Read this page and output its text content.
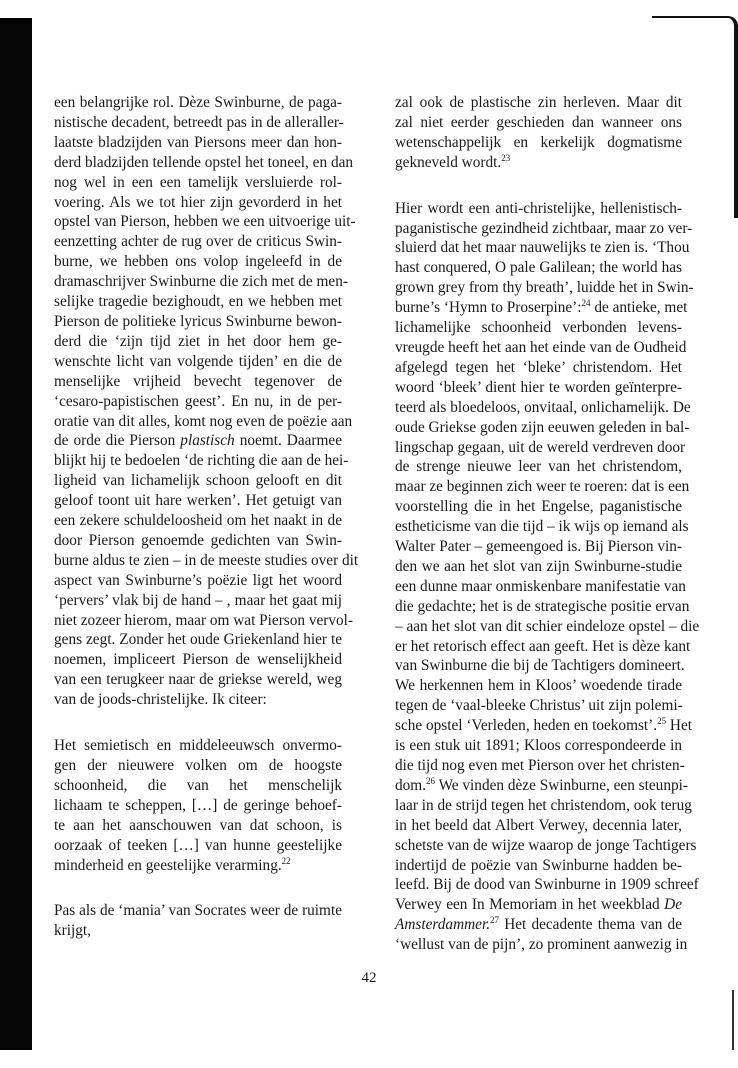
een belangrijke rol. Dèze Swinburne, de paga-
nistische decadent, betreedt pas in de alleraller-
laatste bladzijden van Piersons meer dan hon-
derd bladzijden tellende opstel het toneel, en dan
nog wel in een een tamelijk versluierde rol-
voering. Als we tot hier zijn gevorderd in het
opstel van Pierson, hebben we een uitvoerige uit-
eenzetting achter de rug over de criticus Swin-
burne, we hebben ons volop ingeleefd in de
dramaschrijver Swinburne die zich met de men-
selijke tragedie bezighoudt, en we hebben met
Pierson de politieke lyricus Swinburne bewon-
derd die ‘zijn tijd ziet in het door hem ge-
wenschte licht van volgende tijden’ en die de
menselijke vrijheid bevecht tegenover de
‘cesaro-papistischen geest’. En nu, in de per-
oratie van dit alles, komt nog even de poëzie aan
de orde die Pierson plastisch noemt. Daarmee
blijkt hij te bedoelen ‘de richting die aan de hei-
ligheid van lichamelijk schoon gelooft en dit
geloof toont uit hare werken’. Het getuigt van
een zekere schuldeloosheid om het naakt in de
door Pierson genoemde gedichten van Swin-
burne aldus te zien – in de meeste studies over dit
aspect van Swinburne’s poëzie ligt het woord
‘pervers’ vlak bij de hand – , maar het gaat mij
niet zozeer hierom, maar om wat Pierson vervol-
gens zegt. Zonder het oude Griekenland hier te
noemen, impliceert Pierson de wenselijkheid
van een terugkeer naar de griekse wereld, weg
van de joods-christelijke. Ik citeer:

Het semietisch en middeleeuwsch onvermo-
gen der nieuwere volken om de hoogste
schoonheid, die van het menschelijk
lichaam te scheppen, […] de geringe behoef-
te aan het aanschouwen van dat schoon, is
oorzaak of teeken […] van hunne geestelijke
minderheid en geestelijke verarming.$^{22}$

Pas als de ‘mania’ van Socrates weer de ruimte
krijgt,

zal ook de plastische zin herleven. Maar dit
zal niet eerder geschieden dan wanneer ons
wetenschappelijk en kerkelijk dogmatisme
gekneveld wordt.$^{23}$

Hier wordt een anti-christelijke, hellenistisch-
paganistische gezindheid zichtbaar, maar zo ver-
sluierd dat het maar nauwelijks te zien is. ‘Thou
hast conquered, O pale Galilean; the world has
grown grey from thy breath’, luidde het in Swin-
burne’s ‘Hymn to Proserpine’:$^{24}$ de antieke, met
lichamelijke schoonheid verbonden levens-
vreugde heeft het aan het einde van de Oudheid
afgelegd tegen het ‘bleke’ christendom. Het
woord ‘bleek’ dient hier te worden geïnterpre-
teerd als bloedeloos, onvitaal, onlichamelijk. De
oude Griekse goden zijn eeuwen geleden in bal-
lingschap gegaan, uit de wereld verdreven door
de strenge nieuwe leer van het christendom,
maar ze beginnen zich weer te roeren: dat is een
voorstelling die in het Engelse, paganistische
estheticisme van die tijd – ik wijs op iemand als
Walter Pater – gemeengoed is. Bij Pierson vin-
den we aan het slot van zijn Swinburne-studie
een dunne maar onmiskenbare manifestatie van
die gedachte; het is de strategische positie ervan
– aan het slot van dit schier eindeloze opstel – die
er het retorisch effect aan geeft. Het is dèze kant
van Swinburne die bij de Tachtigers domineert.
We herkennen hem in Kloos’ woedende tirade
tegen de ‘vaal-bleeke Christus’ uit zijn polemi-
sche opstel ‘Verleden, heden en toekomst’.$^{25}$ Het
is een stuk uit 1891; Kloos correspondeerde in
die tijd nog even met Pierson over het christen-
dom.$^{26}$ We vinden dèze Swinburne, een steunpi-
laar in de strijd tegen het christendom, ook terug
in het beeld dat Albert Verwey, decennia later,
schetste van de wijze waarop de jonge Tachtigers
indertijd de poëzie van Swinburne hadden be-
leefd. Bij de dood van Swinburne in 1909 schreef
Verwey een In Memoriam in het weekblad De
Amsterdammer.$^{27}$ Het decadente thema van de
‘wellust van de pijn’, zo prominent aanwezig in

42
